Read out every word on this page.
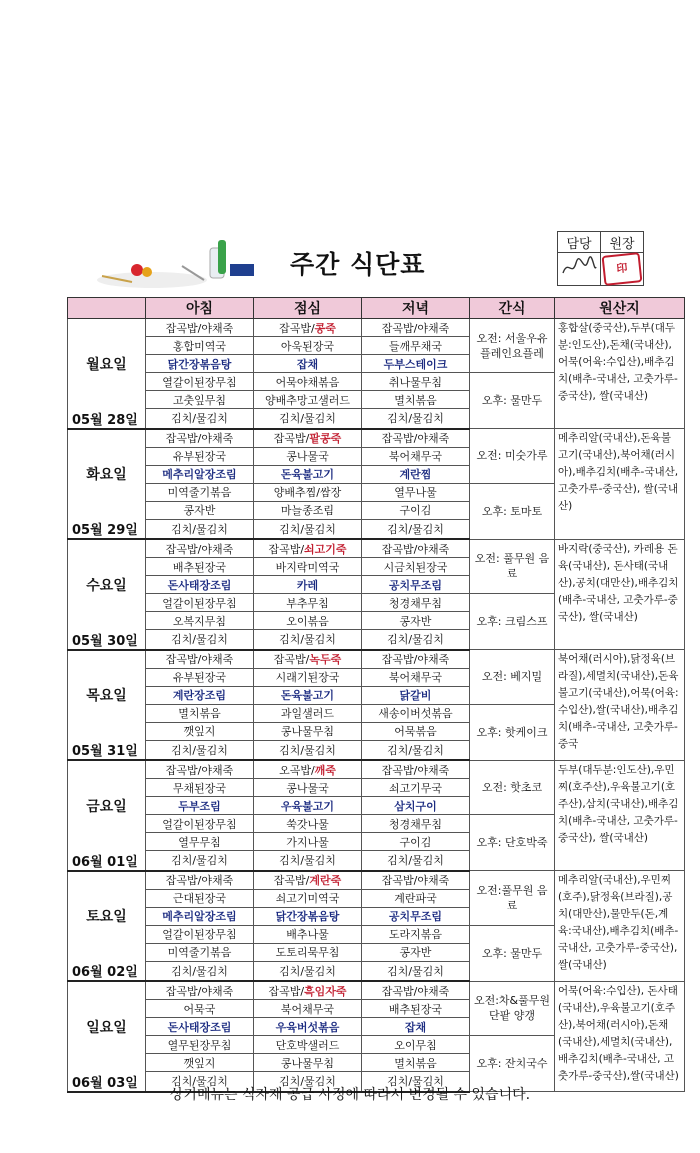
주간 식단표
담당	원장
	印
	아침	점심	저녁	간식	원산지
월요일	잡곡밥/야채죽	잡곡밥/콩죽	잡곡밥/야채죽	오전: 서울우유 플레인요플레	홍합살(중국산),두부(대두분:인도산),돈채(국내산), 어묵(어육:수입산),배추김치(배추-국내산, 고춧가루-중국산), 쌀(국내산)
	홍합미역국	아욱된장국	들깨무채국		
	닭간장볶음탕	잡채	두부스테이크		
	열갈이된장무침	어묵야채볶음	취나물무침	오후: 물만두	
	고춧잎무침	양배추망고샐러드	멸치볶음		
05월 28일	김치/물김치	김치/물김치	김치/물김치		
화요일	잡곡밥/야채죽	잡곡밥/팥콩죽	잡곡밥/야채죽	오전: 미숫가루	메추리알(국내산),돈육불고기(국내산),북어채(러시아),배추김치(배추-국내산, 고춧가루-중국산), 쌀(국내산)
	유부된장국	콩나물국	북어채무국		
	메추리알장조림	돈육불고기	계란찜		
	미역줄기볶음	양배추찜/쌈장	열무나물	오후: 토마토	
	콩자반	마늘종조림	구이김		
05월 29일	김치/물김치	김치/물김치	김치/물김치		
수요일	잡곡밥/야채죽	잡곡밥/쇠고기죽	잡곡밥/야채죽	오전: 풀무원 음료	바지락(중국산), 카레용 돈육(국내산), 돈사태(국내산),공치(대만산),배추김치(배추-국내산, 고춧가루-중국산), 쌀(국내산)
	배추된장국	바지락미역국	시금치된장국		
	돈사태장조림	카레	공치무조림		
	얼갈이된장무침	부추무침	청경채무침	오후: 크림스프	
	오복지무침	오이볶음	콩자반		
05월 30일	김치/물김치	김치/물김치	김치/물김치		
목요일	잡곡밥/야채죽	잡곡밥/녹두죽	잡곡밥/야채죽	오전: 베지밀	북어채(러시아),닭정육(브라질),세멸치(국내산),돈육불고기(국내산),어묵(어육:수입산),쌀(국내산),배추김치(배추-국내산, 고춧가루-중국
	유부된장국	시래기된장국	북어채무국		
	계란장조림	돈육불고기	닭갈비		
	멸치볶음	과일샐러드	새송이버섯볶음	오후: 핫케이크	
	깻잎지	콩나물무침	어묵볶음		
05월 31일	김치/물김치	김치/물김치	김치/물김치		
금요일	잡곡밥/야채죽	오곡밥/깨죽	잡곡밥/야채죽	오전: 핫초코	두부(대두분:인도산),우민찌(호주산),우육불고기(호주산),삼치(국내산),배추김치(배추-국내산, 고춧가루-중국산), 쌀(국내산)
	무채된장국	콩나물국	쇠고기무국		
	두부조림	우육불고기	삼치구이		
	얼갈이된장무침	쑥갓나물	청경채무침	오후: 단호박죽	
	열무무침	가지나물	구이김		
06월 01일	김치/물김치	김치/물김치	김치/물김치		
토요일	잡곡밥/야채죽	잡곡밥/계란죽	잡곡밥/야채죽	오전:풀무원 음료	메추리알(국내산),우민찌(호주),닭정육(브라질),공치(대만산),물만두(돈,계육:국내산),배추김치(배추-국내산, 고춧가루-중국산),쌀(국내산)
	근대된장국	쇠고기미역국	계란파국		
	메추리알장조림	닭간장볶음탕	공치무조림		
	얼갈이된장무침	배추나물	도라지볶음	오후: 물만두	
	미역줄기볶음	도토리묵무침	콩자반		
06월 02일	김치/물김치	김치/물김치	김치/물김치		
일요일	잡곡밥/야채죽	잡곡밥/흑임자죽	잡곡밥/야채죽	오전:차&풀무원 단팥 양갱	어묵(어육:수입산), 돈사태(국내산),우육불고기(호주산),북어채(러시아),돈채(국내산),세멸치(국내산),배추김치(배추-국내산, 고춧가루-중국산),쌀(국내산)
	어묵국	북어채무국	배추된장국		
	돈사태장조림	우육버섯볶음	잡채		
	열무된장무침	단호박샐러드	오이무침	오후: 잔치국수	
	깻잎지	콩나물무침	멸치볶음		
06월 03일	김치/물김치	김치/물김치	김치/물김치		
상기메뉴는 식자재 공급 사정에 따라서 변경될 수 있습니다.
